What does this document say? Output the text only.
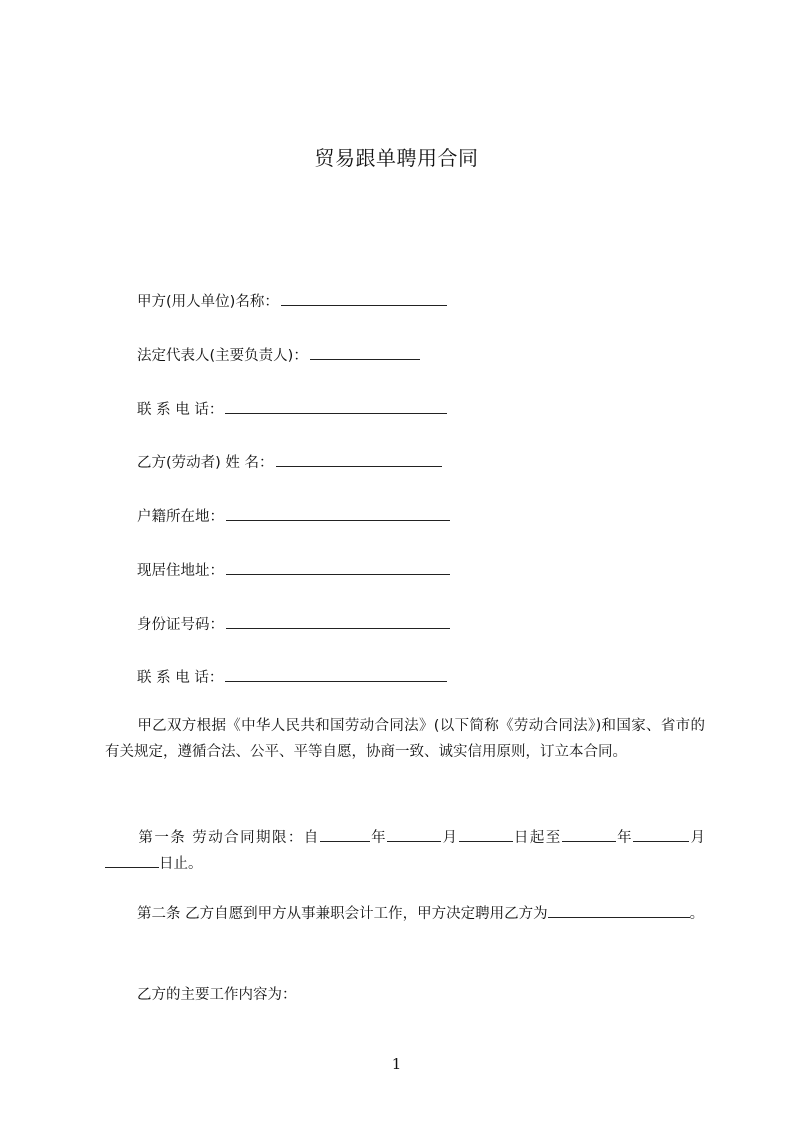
贸易跟单聘用合同
甲方(用人单位)名称：
法定代表人(主要负责人)：
联 系 电 话：
乙方(劳动者) 姓 名：
户籍所在地：
现居住地址：
身份证号码：
联 系 电 话：
甲乙双方根据《中华人民共和国劳动合同法》(以下简称《劳动合同法》)和国家、省市的有关规定，遵循合法、公平、平等自愿，协商一致、诚实信用原则，订立本合同。
第一条 劳动合同期限：自	年	月	日起至	年	月日止。
第二条 乙方自愿到甲方从事兼职会计工作，甲方决定聘用乙方为	。
乙方的主要工作内容为：
1
